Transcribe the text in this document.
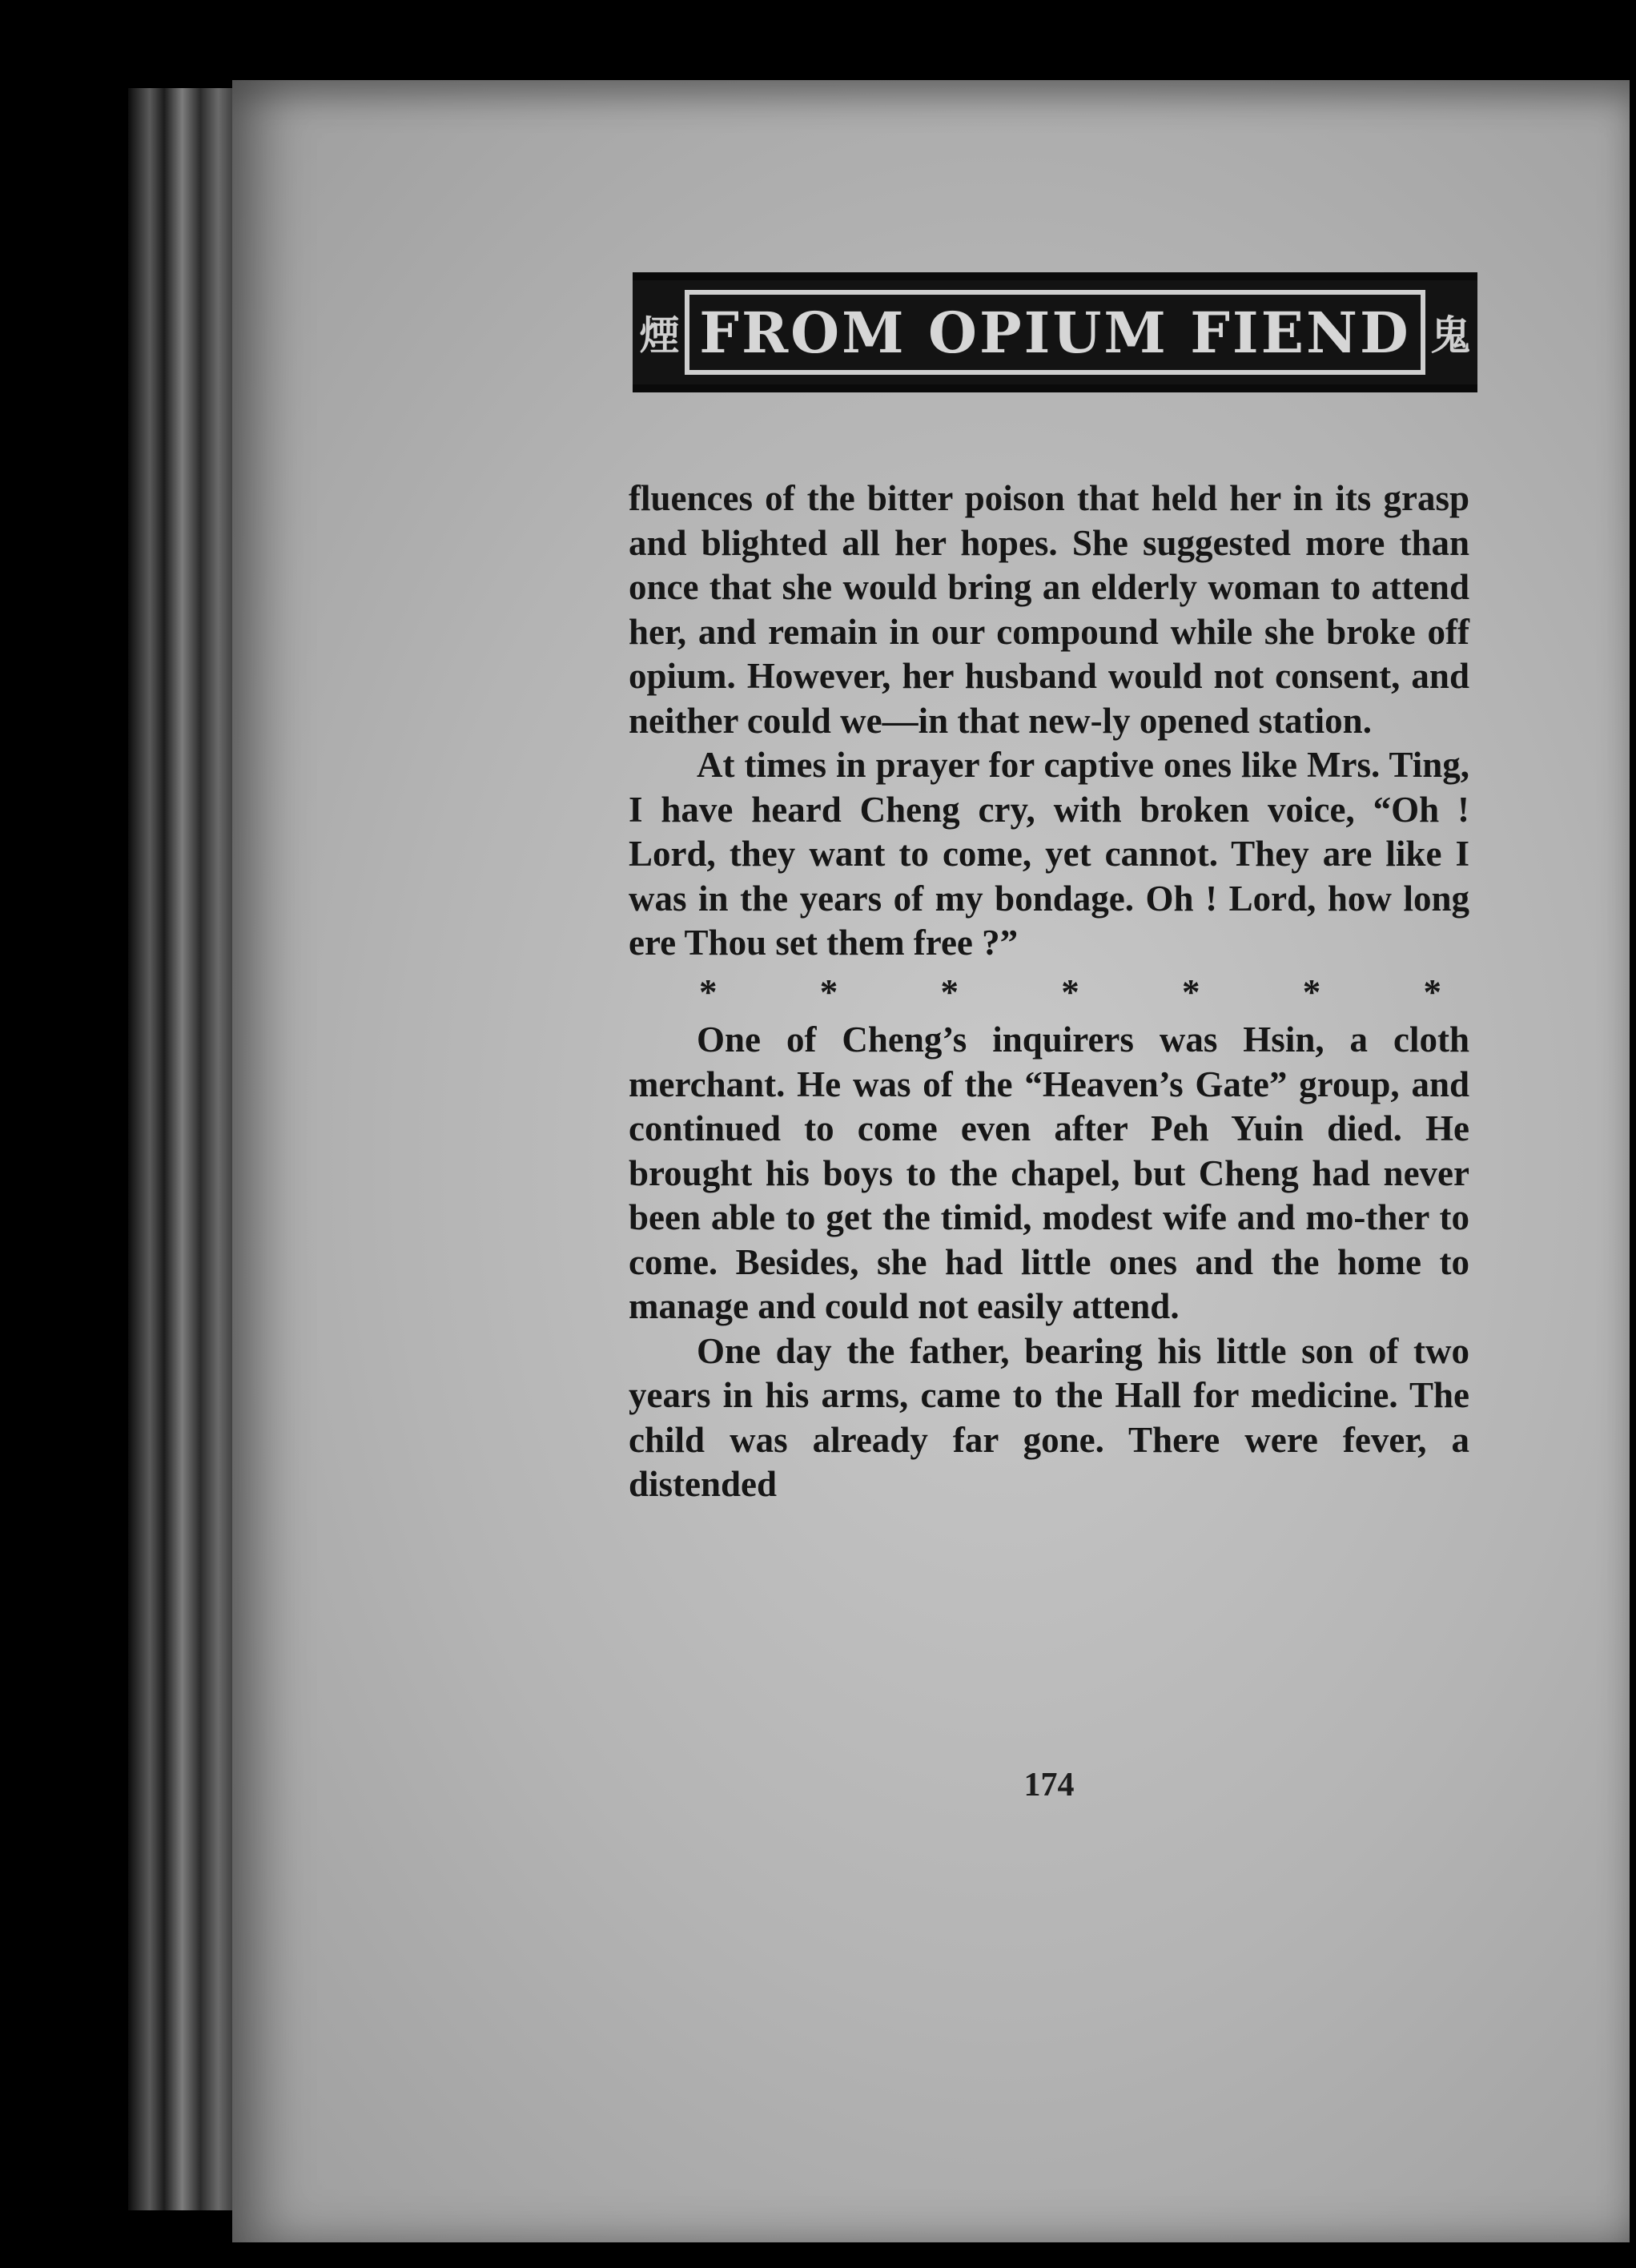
煙 FROM OPIUM FIEND 鬼

fluences of the bitter poison that held her in its grasp and blighted all her hopes. She suggested more than once that she would bring an elderly woman to attend her, and remain in our compound while she broke off opium. However, her husband would not consent, and neither could we—in that new-ly opened station.

At times in prayer for captive ones like Mrs. Ting, I have heard Cheng cry, with broken voice, “Oh ! Lord, they want to come, yet cannot. They are like I was in the years of my bondage. Oh ! Lord, how long ere Thou set them free ?”

*	*	*	*	*	*	*

One of Cheng’s inquirers was Hsin, a cloth merchant. He was of the “Heaven’s Gate” group, and continued to come even after Peh Yuin died. He brought his boys to the chapel, but Cheng had never been able to get the timid, modest wife and mo-ther to come. Besides, she had little ones and the home to manage and could not easily attend.

One day the father, bearing his little son of two years in his arms, came to the Hall for medicine. The child was already far gone. There were fever, a distended

174
